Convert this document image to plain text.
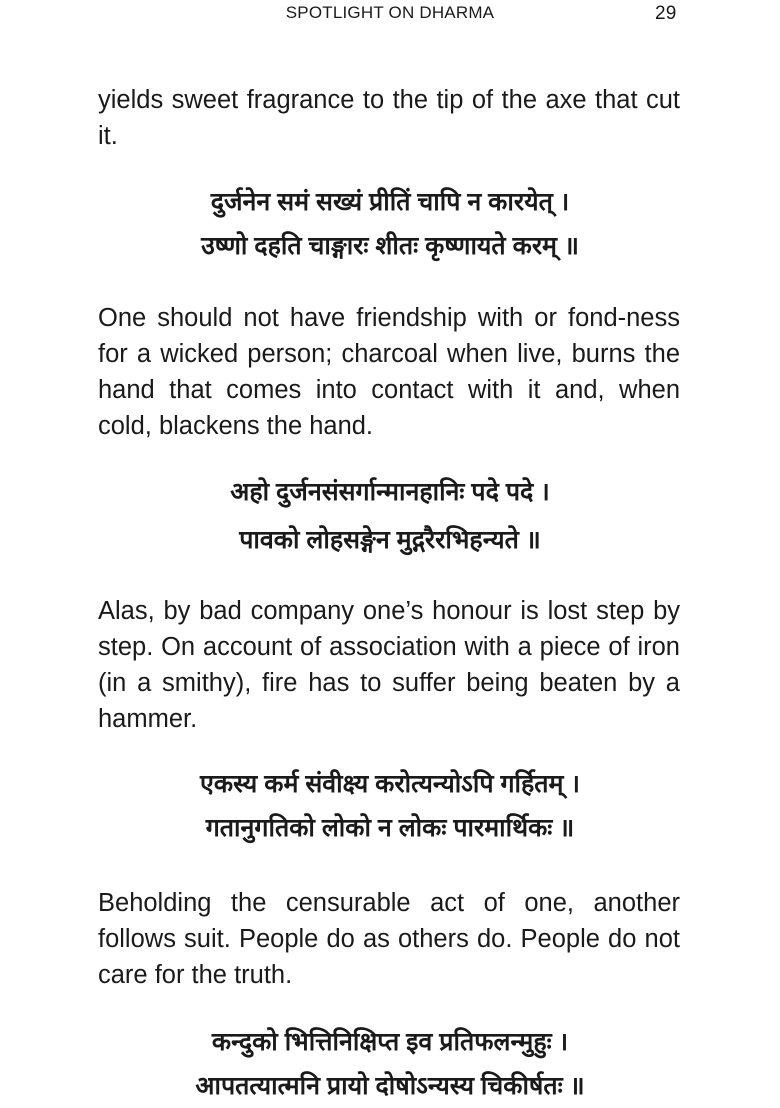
SPOTLIGHT ON DHARMA	29
yields sweet fragrance to the tip of the axe that cut it.
दुर्जनेन समं सख्यं प्रीतिं चापि न कारयेत् ।
उष्णो दहति चाङ्गारः शीतः कृष्णायते करम् ॥
One should not have friendship with or fond-ness for a wicked person; charcoal when live, burns the hand that comes into contact with it and, when cold, blackens the hand.
अहो दुर्जनसंसर्गान्मानहानिः पदे पदे ।
पावको लोहसङ्गेन मुद्गरैरभिहन्यते ॥
Alas, by bad company one’s honour is lost step by step. On account of association with a piece of iron (in a smithy), fire has to suffer being beaten by a hammer.
एकस्य कर्म संवीक्ष्य करोत्यन्योऽपि गर्हितम् ।
गतानुगतिको लोको न लोकः पारमार्थिकः ॥
Beholding the censurable act of one, another follows suit. People do as others do. People do not care for the truth.
कन्दुको भित्तिनिक्षिप्त इव प्रतिफलन्मुहुः ।
आपतत्यात्मनि प्रायो दोषोऽन्यस्य चिकीर्षतः ॥
